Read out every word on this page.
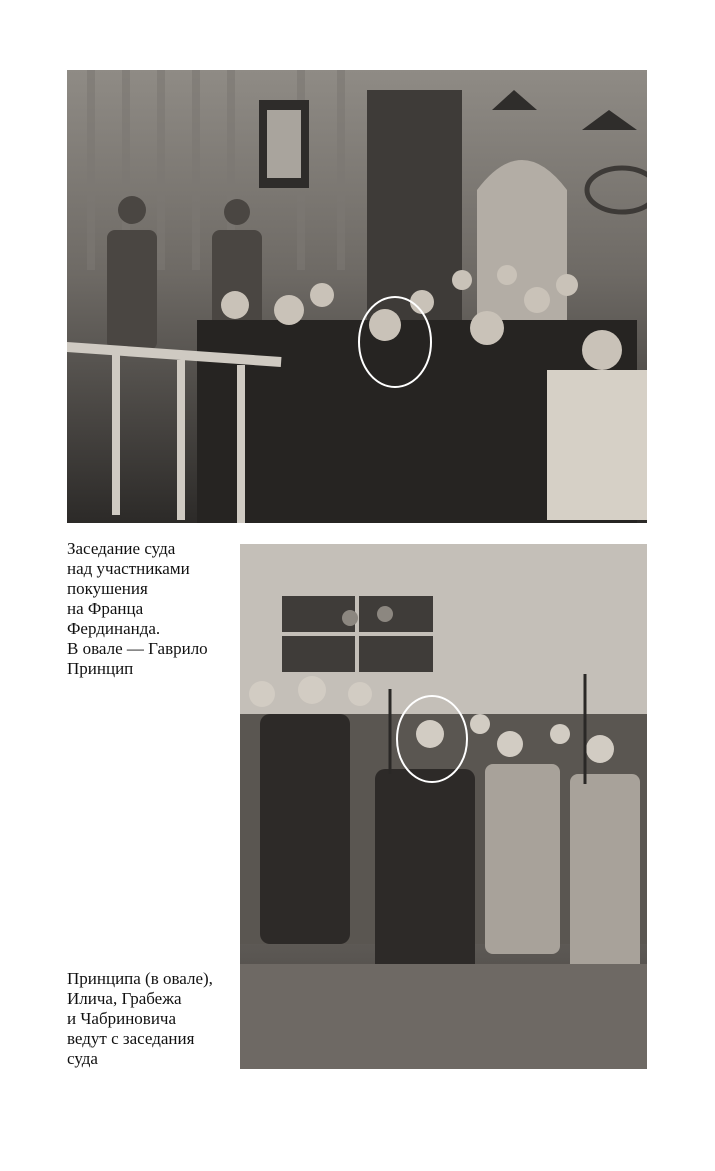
Заседание суда
над участниками
покушения
на Франца
Фердинанда.
В овале — Гаврило
Принцип
Принципа (в овале),
Илича, Грабежа
и Чабриновича
ведут с заседания
суда
